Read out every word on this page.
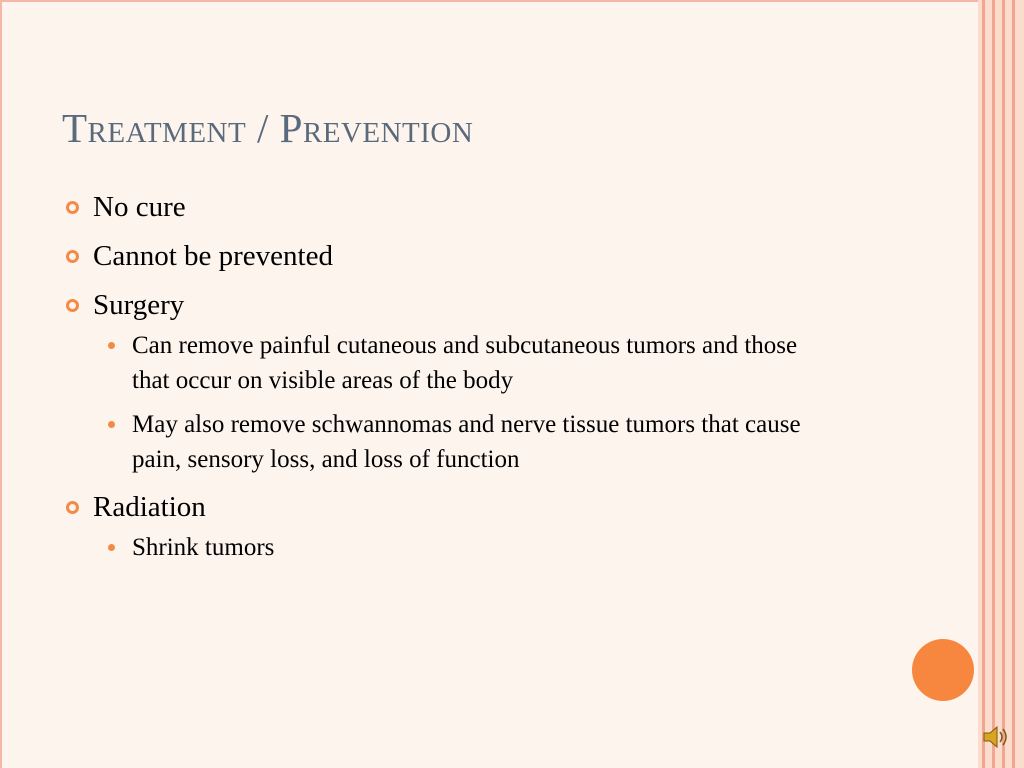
Treatment / Prevention
No cure
Cannot be prevented
Surgery
Can remove painful cutaneous and subcutaneous tumors and those that occur on visible areas of the body
May also remove schwannomas and nerve tissue tumors that cause pain, sensory loss, and loss of function
Radiation
Shrink tumors
